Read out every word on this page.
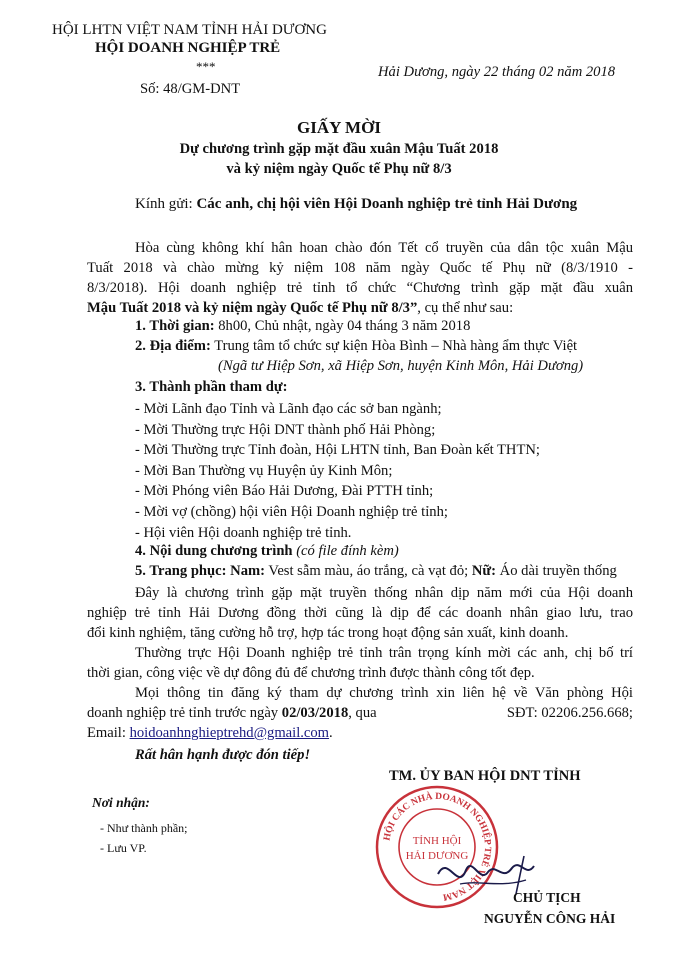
HỘI LHTN VIỆT NAM TỈNH HẢI DƯƠNG
HỘI DOANH NGHIỆP TRẺ
***
Số: 48/GM-DNT
Hải Dương, ngày 22 tháng 02 năm 2018
GIẤY MỜI
Dự chương trình gặp mặt đầu xuân Mậu Tuất 2018
và kỷ niệm ngày Quốc tế Phụ nữ 8/3
Kính gửi: Các anh, chị hội viên Hội Doanh nghiệp trẻ tỉnh Hải Dương
Hòa cùng không khí hân hoan chào đón Tết cổ truyền của dân tộc xuân Mậu
Tuất 2018 và chào mừng kỷ niệm 108 năm ngày Quốc tế Phụ nữ (8/3/1910 -
8/3/2018). Hội doanh nghiệp trẻ tỉnh tổ chức “Chương trình gặp mặt đầu xuân
Mậu Tuất 2018 và kỷ niệm ngày Quốc tế Phụ nữ 8/3”, cụ thể như sau:
1. Thời gian: 8h00, Chủ nhật, ngày 04 tháng 3 năm 2018
2. Địa điểm: Trung tâm tổ chức sự kiện Hòa Bình – Nhà hàng ẩm thực Việt
(Ngã tư Hiệp Sơn, xã Hiệp Sơn, huyện Kinh Môn, Hải Dương)
3. Thành phần tham dự:
- Mời Lãnh đạo Tỉnh và Lãnh đạo các sở ban ngành;
- Mời Thường trực Hội DNT thành phố Hải Phòng;
- Mời Thường trực Tỉnh đoàn, Hội LHTN tỉnh, Ban Đoàn kết THTN;
- Mời Ban Thường vụ Huyện ủy Kinh Môn;
- Mời Phóng viên Báo Hải Dương, Đài PTTH tỉnh;
- Mời vợ (chồng) hội viên Hội Doanh nghiệp trẻ tỉnh;
- Hội viên Hội doanh nghiệp trẻ tỉnh.
4. Nội dung chương trình (có file đính kèm)
5. Trang phục: Nam: Vest sẫm màu, áo trắng, cà vạt đỏ; Nữ: Áo dài truyền thống
Đây là chương trình gặp mặt truyền thống nhân dịp năm mới của Hội doanh
nghiệp trẻ tỉnh Hải Dương đồng thời cũng là dịp để các doanh nhân giao lưu, trao
đổi kinh nghiệm, tăng cường hỗ trợ, hợp tác trong hoạt động sản xuất, kinh doanh.
Thường trực Hội Doanh nghiệp trẻ tỉnh trân trọng kính mời các anh, chị bố trí
thời gian, công việc về dự đông đủ để chương trình được thành công tốt đẹp.
Mọi thông tin đăng ký tham dự chương trình xin liên hệ về Văn phòng Hội
doanh nghiệp trẻ tỉnh trước ngày 02/03/2018, qua	SĐT: 02206.256.668;
Email: hoidoanhnghieptrehd@gmail.com.
Rất hân hạnh được đón tiếp!
Nơi nhận:
- Như thành phần;
- Lưu VP.
TM. ỦY BAN HỘI DNT TỈNH
HỘI CÁC NHÀ DOANH NGHIỆP TRẺ VIỆT NAM
TỈNH HỘI
HẢI DƯƠNG
CHỦ TỊCH
NGUYỄN CÔNG HẢI
